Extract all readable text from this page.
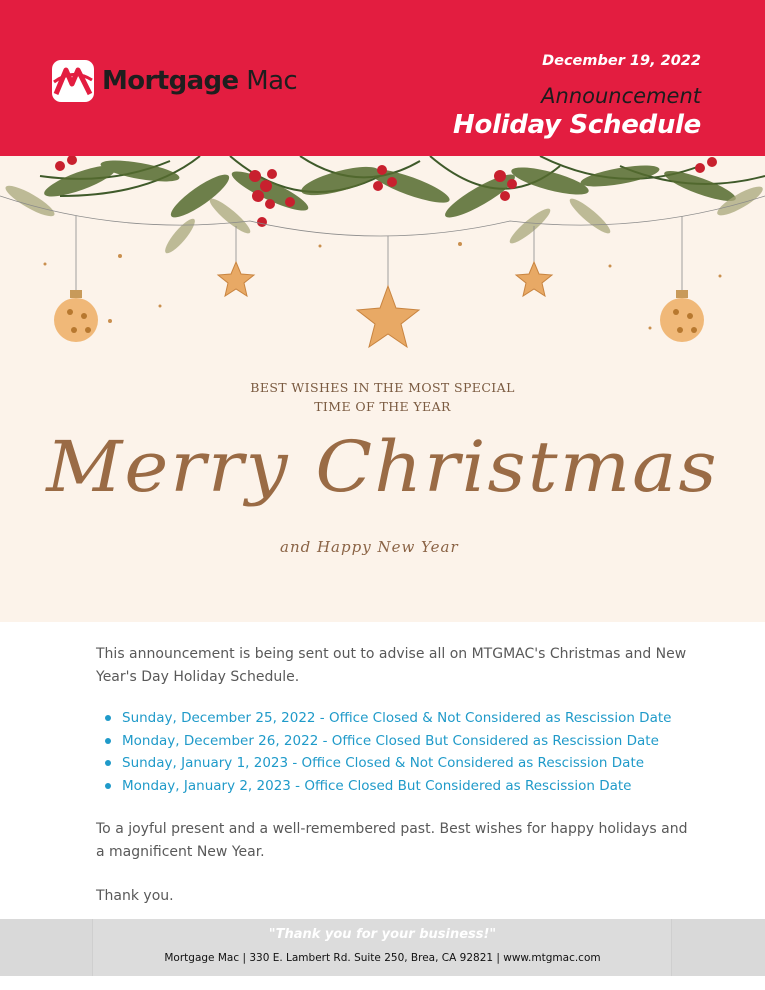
Mortgage Mac
December 19, 2022
Announcement
Holiday Schedule
BEST WISHES IN THE MOST SPECIAL
TIME OF THE YEAR
Merry Christmas
and Happy New Year

This announcement is being sent out to advise all on MTGMAC's Christmas and New Year's Day Holiday Schedule.

Sunday, December 25, 2022 - Office Closed & Not Considered as Rescission Date
Monday, December 26, 2022 - Office Closed But Considered as Rescission Date
Sunday, January 1, 2023 - Office Closed & Not Considered as Rescission Date
Monday, January 2, 2023 - Office Closed But Considered as Rescission Date

To a joyful present and a well-remembered past. Best wishes for happy holidays and a magnificent New Year.

Thank you.

"Thank you for your business!"
Mortgage Mac | 330 E. Lambert Rd. Suite 250, Brea, CA 92821 | www.mtgmac.com
